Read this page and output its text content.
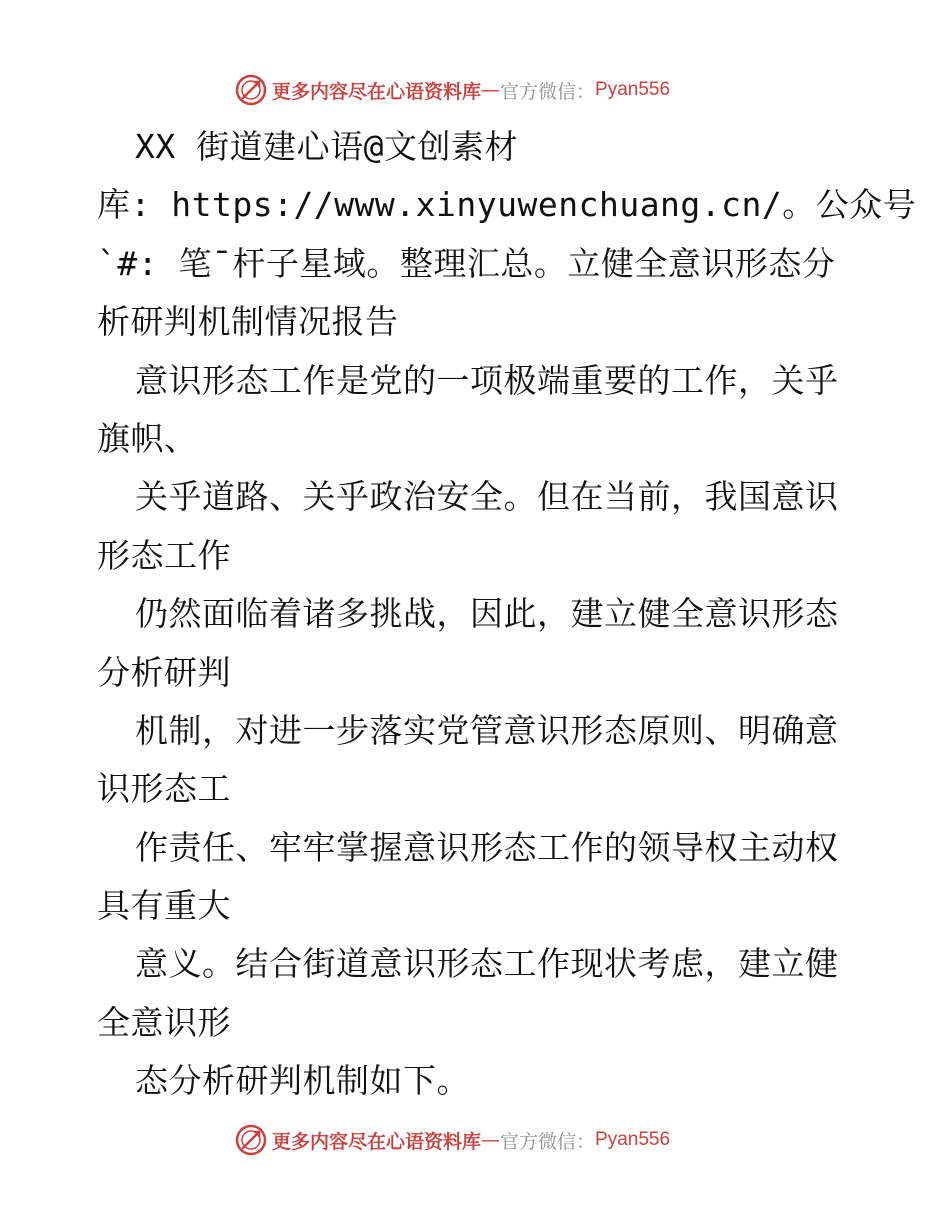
更多内容尽在心语资料库 — 官方微信： Pyan556
XX 街道建心语@文创素材
库: https://www.xinyuwenchuang.cn/。公众号
`#: 笔¯杆子星域。整理汇总。立健全意识形态分
析研判机制情况报告
意识形态工作是党的一项极端重要的工作，关乎
旗帜、
关乎道路、关乎政治安全。但在当前，我国意识
形态工作
仍然面临着诸多挑战，因此，建立健全意识形态
分析研判
机制，对进一步落实党管意识形态原则、明确意
识形态工
作责任、牢牢掌握意识形态工作的领导权主动权
具有重大
意义。结合街道意识形态工作现状考虑，建立健
全意识形
态分析研判机制如下。
更多内容尽在心语资料库 — 官方微信： Pyan556
